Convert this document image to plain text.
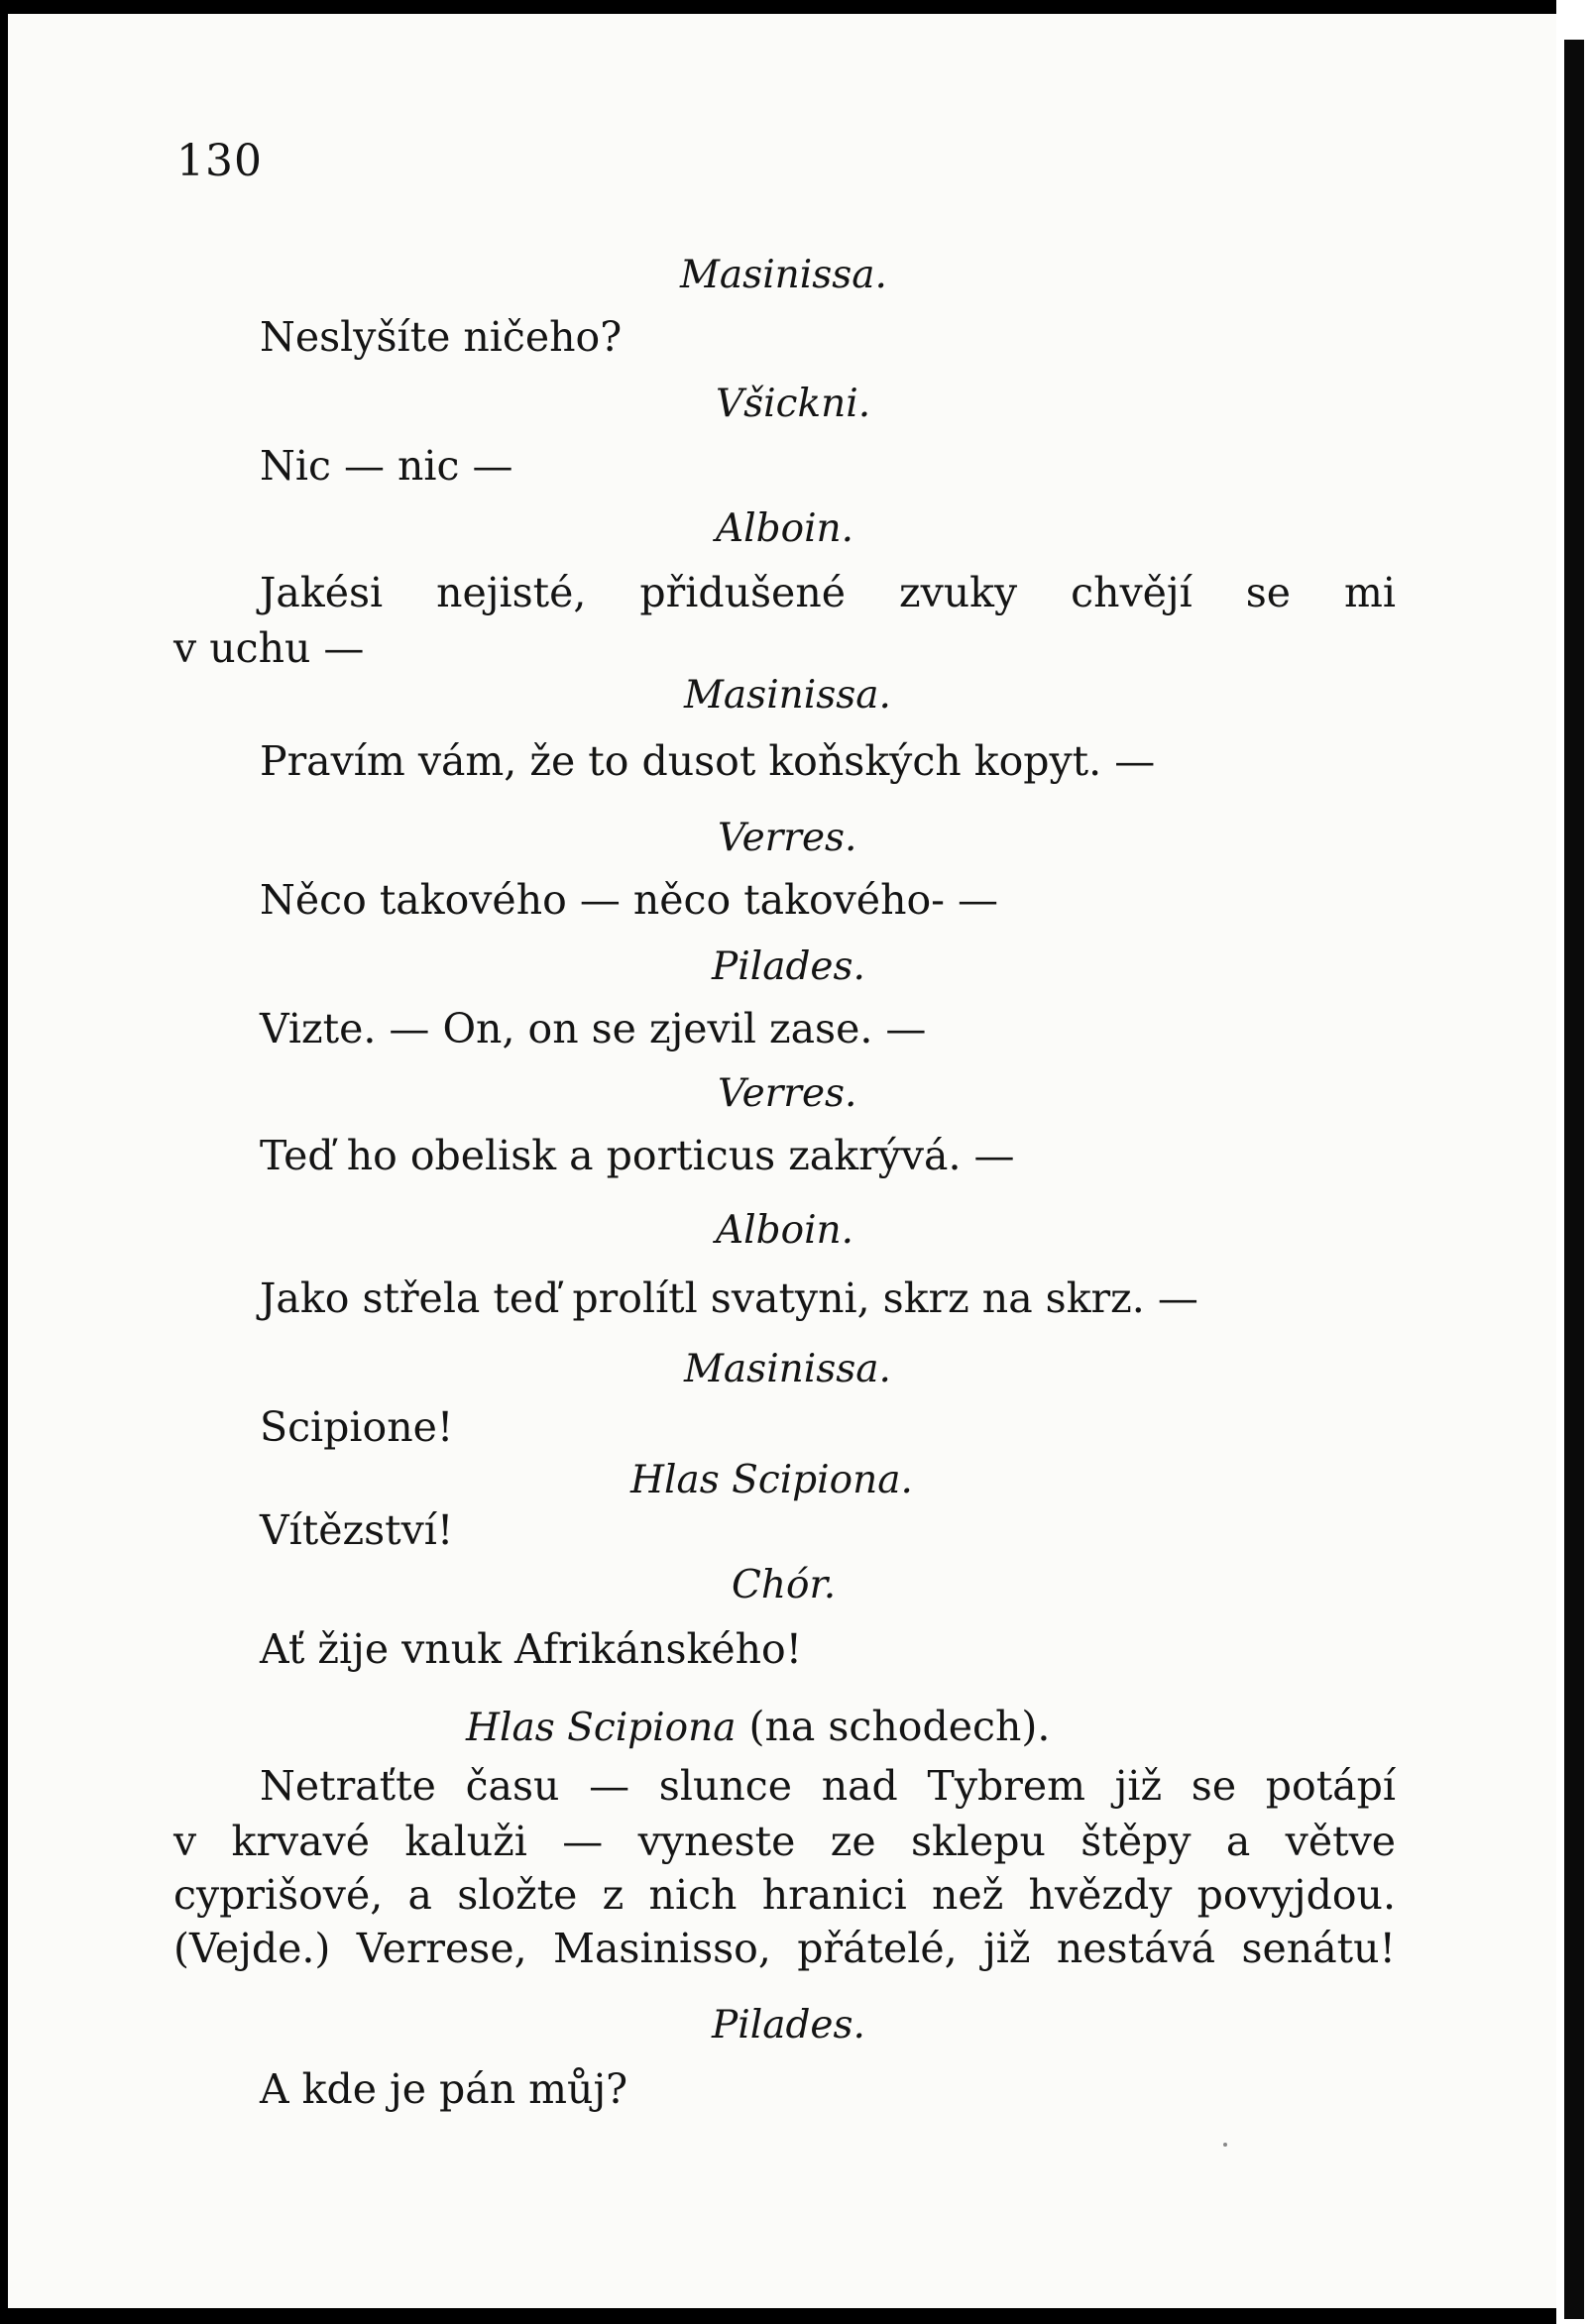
130
Masinissa.
Neslyšíte ničeho?
Všickni.
Nic — nic —
Alboin.
Jakési nejisté, přidušené zvuky chvějí se mi
v uchu —
Masinissa.
Pravím vám, že to dusot koňských kopyt. —
Verres.
Něco takového — něco takového- —
Pilades.
Vizte. — On, on se zjevil zase. —
Verres.
Teď ho obelisk a porticus zakrývá. —
Alboin.
Jako střela teď prolítl svatyni, skrz na skrz. —
Masinissa.
Scipione!
Hlas Scipiona.
Vítězství!
Chór.
Ať žije vnuk Afrikánského!
Hlas Scipiona (na schodech).
Netraťte času — slunce nad Tybrem již se potápí
v krvavé kaluži — vyneste ze sklepu štěpy a větve
cyprišové, a složte z nich hranici než hvězdy povyjdou.
(Vejde.) Verrese, Masinisso, přátelé, již nestává senátu!
Pilades.
A kde je pán můj?
